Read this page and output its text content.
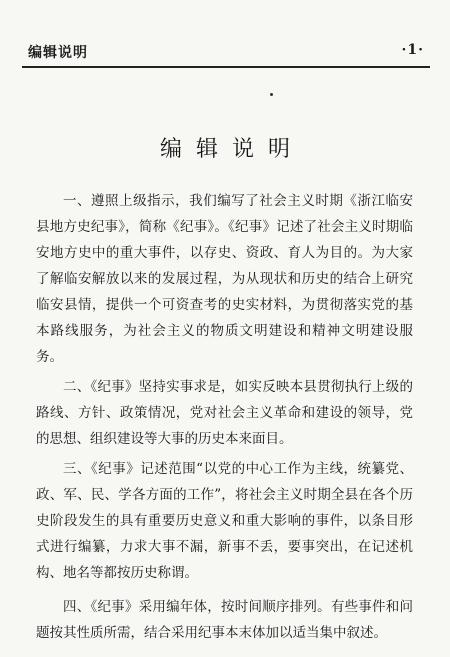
编辑说明	·1·
编辑说明

一、遵照上级指示，我们编写了社会主义时期《浙江临安县地方史纪事》，简称《纪事》。《纪事》记述了社会主义时期临安地方史中的重大事件，以存史、资政、育人为目的。为大家了解临安解放以来的发展过程，为从现状和历史的结合上研究临安县情，提供一个可资查考的史实材料，为贯彻落实党的基本路线服务，为社会主义的物质文明建设和精神文明建设服务。

二、《纪事》坚持实事求是，如实反映本县贯彻执行上级的路线、方针、政策情况，党对社会主义革命和建设的领导，党的思想、组织建设等大事的历史本来面目。

三、《纪事》记述范围“以党的中心工作为主线，统纂党、政、军、民、学各方面的工作”，将社会主义时期全县在各个历史阶段发生的具有重要历史意义和重大影响的事件，以条目形式进行编纂，力求大事不漏，新事不丢，要事突出，在记述机构、地名等都按历史称谓。

四、《纪事》采用编年体，按时间顺序排列。有些事件和问题按其性质所需，结合采用纪事本末体加以适当集中叙述。
